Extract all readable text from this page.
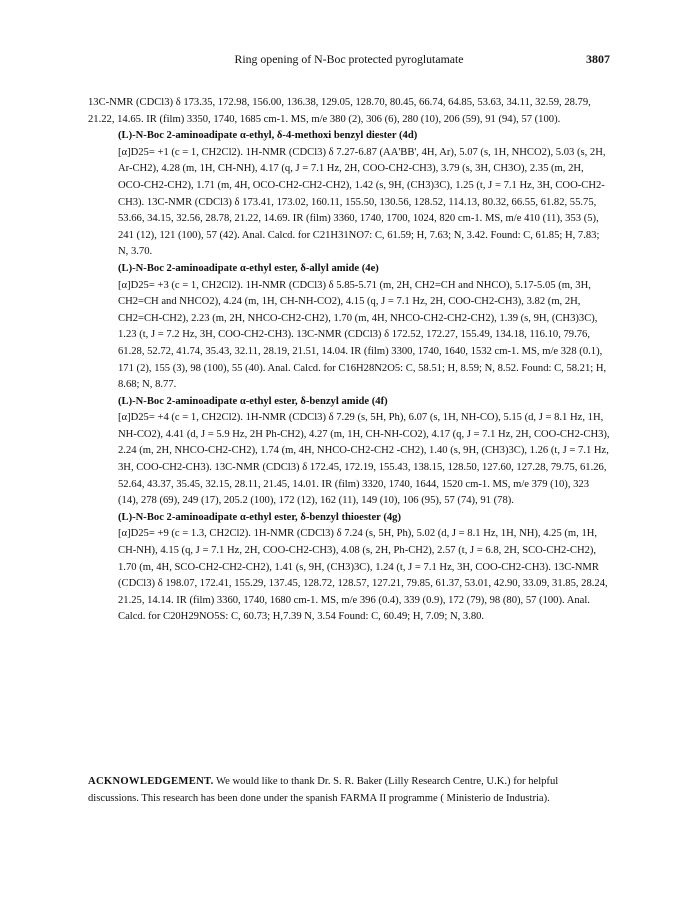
Ring opening of N-Boc protected pyroglutamate	3807

13C-NMR (CDCl3) δ 173.35, 172.98, 156.00, 136.38, 129.05, 128.70, 80.45, 66.74, 64.85, 53.63, 34.11, 32.59, 28.79, 21.22, 14.65. IR (film) 3350, 1740, 1685 cm-1. MS, m/e 380 (2), 306 (6), 280 (10), 206 (59), 91 (94), 57 (100).

(L)-N-Boc 2-aminoadipate α-ethyl, δ-4-methoxi benzyl diester (4d)

[α]D25= +1 (c = 1, CH2Cl2). 1H-NMR (CDCl3) δ 7.27-6.87 (AA'BB', 4H, Ar), 5.07 (s, 1H, NHCO2), 5.03 (s, 2H, Ar-CH2), 4.28 (m, 1H, CH-NH), 4.17 (q, J = 7.1 Hz, 2H, COO-CH2-CH3), 3.79 (s, 3H, CH3O), 2.35 (m, 2H, OCO-CH2-CH2), 1.71 (m, 4H, OCO-CH2-CH2-CH2), 1.42 (s, 9H, (CH3)3C), 1.25 (t, J = 7.1 Hz, 3H, COO-CH2-CH3). 13C-NMR (CDCl3) δ 173.41, 173.02, 160.11, 155.50, 130.56, 128.52, 114.13, 80.32, 66.55, 61.82, 55.75, 53.66, 34.15, 32.56, 28.78, 21.22, 14.69. IR (film) 3360, 1740, 1700, 1024, 820 cm-1. MS, m/e 410 (11), 353 (5), 241 (12), 121 (100), 57 (42). Anal. Calcd. for C21H31NO7: C, 61.59; H, 7.63; N, 3.42. Found: C, 61.85; H, 7.83; N, 3.70.

(L)-N-Boc 2-aminoadipate α-ethyl ester, δ-allyl amide (4e)

[α]D25= +3 (c = 1, CH2Cl2). 1H-NMR (CDCl3) δ 5.85-5.71 (m, 2H, CH2=CH and NHCO), 5.17-5.05 (m, 3H, CH2=CH and NHCO2), 4.24 (m, 1H, CH-NH-CO2), 4.15 (q, J = 7.1 Hz, 2H, COO-CH2-CH3), 3.82 (m, 2H, CH2=CH-CH2), 2.23 (m, 2H, NHCO-CH2-CH2), 1.70 (m, 4H, NHCO-CH2-CH2-CH2), 1.39 (s, 9H, (CH3)3C), 1.23 (t, J = 7.2 Hz, 3H, COO-CH2-CH3). 13C-NMR (CDCl3) δ 172.52, 172.27, 155.49, 134.18, 116.10, 79.76, 61.28, 52.72, 41.74, 35.43, 32.11, 28.19, 21.51, 14.04. IR (film) 3300, 1740, 1640, 1532 cm-1. MS, m/e 328 (0.1), 171 (2), 155 (3), 98 (100), 55 (40). Anal. Calcd. for C16H28N2O5: C, 58.51; H, 8.59; N, 8.52. Found: C, 58.21; H, 8.68; N, 8.77.

(L)-N-Boc 2-aminoadipate α-ethyl ester, δ-benzyl amide (4f)

[α]D25= +4 (c = 1, CH2Cl2). 1H-NMR (CDCl3) δ 7.29 (s, 5H, Ph), 6.07 (s, 1H, NH-CO), 5.15 (d, J = 8.1 Hz, 1H, NH-CO2), 4.41 (d, J = 5.9 Hz, 2H Ph-CH2), 4.27 (m, 1H, CH-NH-CO2), 4.17 (q, J = 7.1 Hz, 2H, COO-CH2-CH3), 2.24 (m, 2H, NHCO-CH2-CH2), 1.74 (m, 4H, NHCO-CH2-CH2 -CH2), 1.40 (s, 9H, (CH3)3C), 1.26 (t, J = 7.1 Hz, 3H, COO-CH2-CH3). 13C-NMR (CDCl3) δ 172.45, 172.19, 155.43, 138.15, 128.50, 127.60, 127.28, 79.75, 61.26, 52.64, 43.37, 35.45, 32.15, 28.11, 21.45, 14.01. IR (film) 3320, 1740, 1644, 1520 cm-1. MS, m/e 379 (10), 323 (14), 278 (69), 249 (17), 205.2 (100), 172 (12), 162 (11), 149 (10), 106 (95), 57 (74), 91 (78).

(L)-N-Boc 2-aminoadipate α-ethyl ester, δ-benzyl thioester (4g)

[α]D25= +9 (c = 1.3, CH2Cl2). 1H-NMR (CDCl3) δ 7.24 (s, 5H, Ph), 5.02 (d, J = 8.1 Hz, 1H, NH), 4.25 (m, 1H, CH-NH), 4.15 (q, J = 7.1 Hz, 2H, COO-CH2-CH3), 4.08 (s, 2H, Ph-CH2), 2.57 (t, J = 6.8, 2H, SCO-CH2-CH2), 1.70 (m, 4H, SCO-CH2-CH2-CH2), 1.41 (s, 9H, (CH3)3C), 1.24 (t, J = 7.1 Hz, 3H, COO-CH2-CH3). 13C-NMR (CDCl3) δ 198.07, 172.41, 155.29, 137.45, 128.72, 128.57, 127.21, 79.85, 61.37, 53.01, 42.90, 33.09, 31.85, 28.24, 21.25, 14.14. IR (film) 3360, 1740, 1680 cm-1. MS, m/e 396 (0.4), 339 (0.9), 172 (79), 98 (80), 57 (100). Anal. Calcd. for C20H29NO5S: C, 60.73; H,7.39 N, 3.54 Found: C, 60.49; H, 7.09; N, 3.80.

ACKNOWLEDGEMENT. We would like to thank Dr. S. R. Baker (Lilly Research Centre, U.K.) for helpful discussions. This research has been done under the spanish FARMA II programme ( Ministerio de Industria).
